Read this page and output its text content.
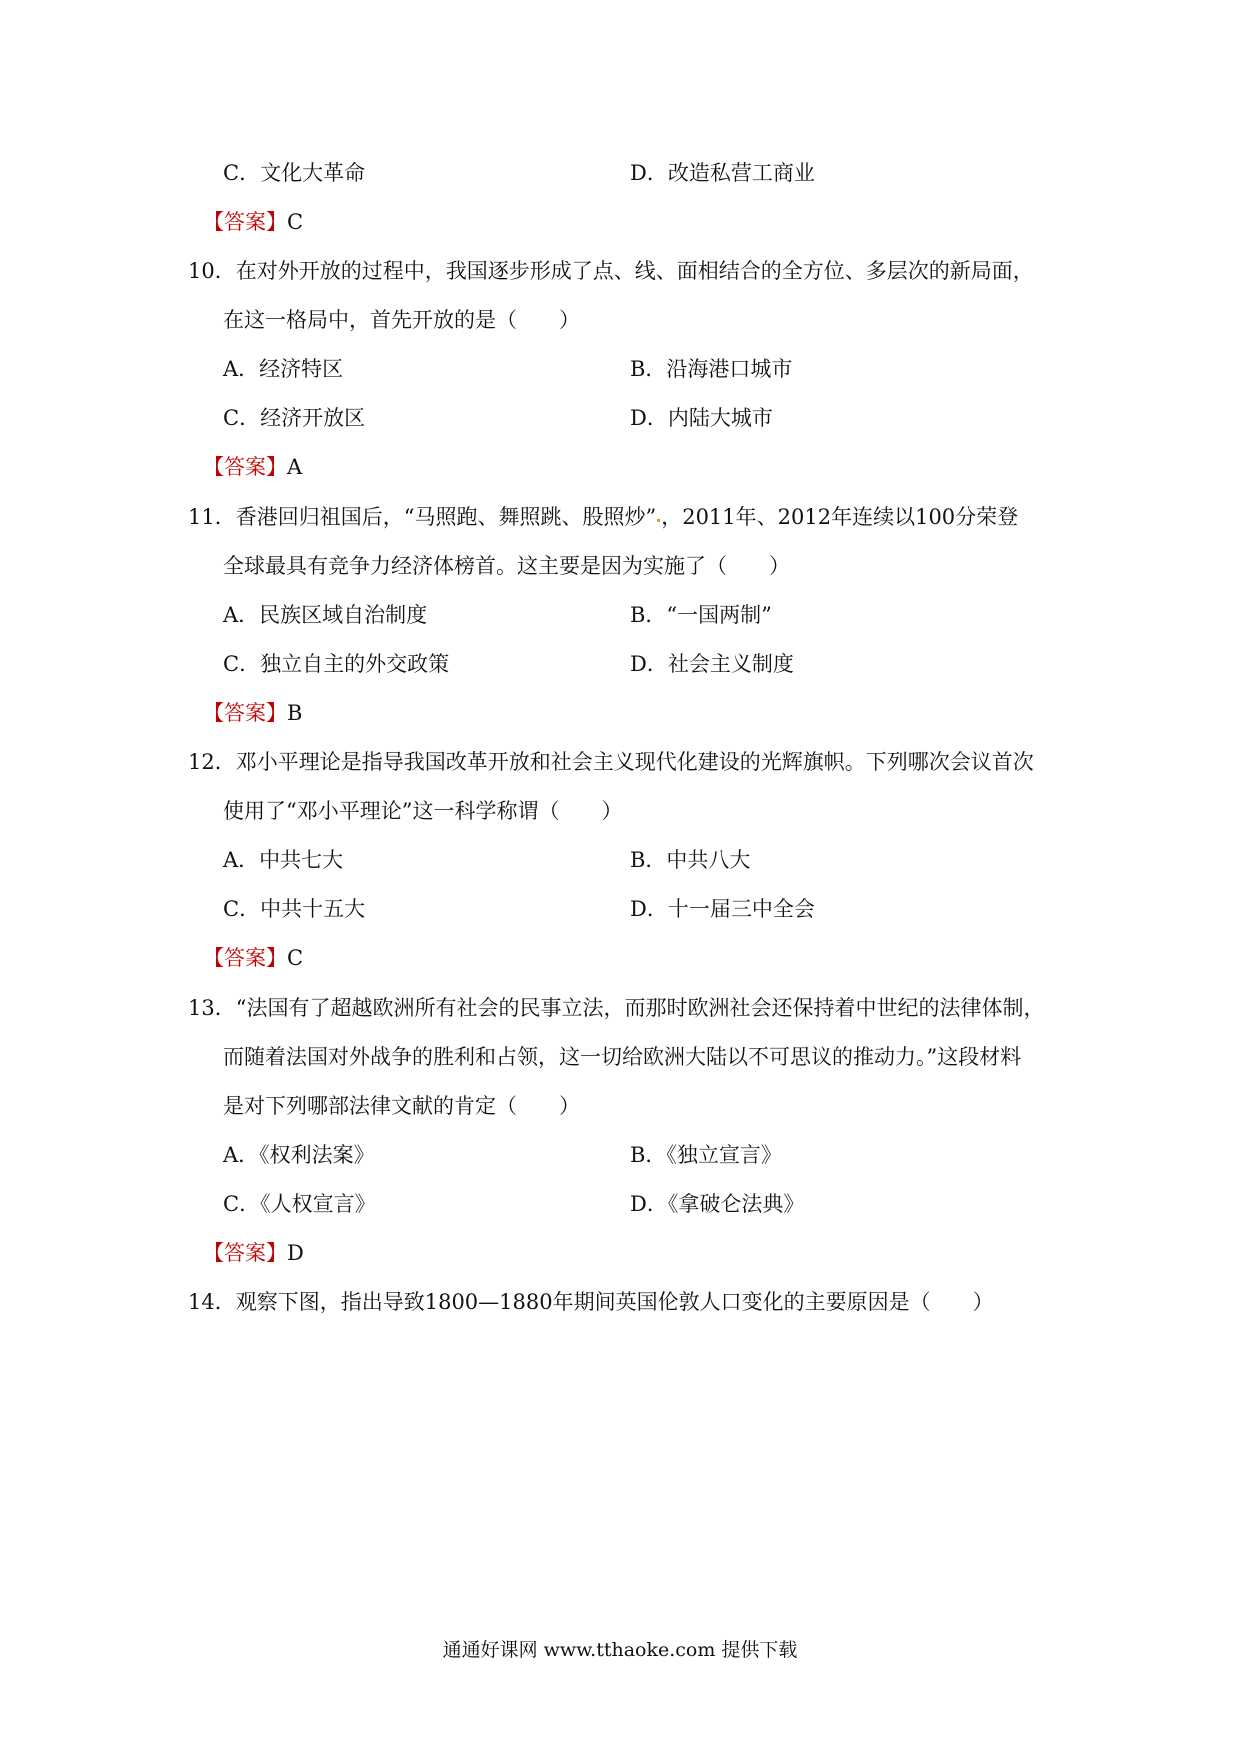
C．文化大革命	D．改造私营工商业
【答案】C
10．在对外开放的过程中，我国逐步形成了点、线、面相结合的全方位、多层次的新局面，
在这一格局中，首先开放的是（　　）
A．经济特区	B．沿海港口城市
C．经济开放区	D．内陆大城市
【答案】A
11．香港回归祖国后，“马照跑、舞照跳、股照炒” ，2011年、2012年连续以100分荣登
全球最具有竞争力经济体榜首。这主要是因为实施了（　　）
A．民族区域自治制度	B．“一国两制”
C．独立自主的外交政策	D．社会主义制度
【答案】B
12．邓小平理论是指导我国改革开放和社会主义现代化建设的光辉旗帜。下列哪次会议首次
使用了“邓小平理论”这一科学称谓（　　）
A．中共七大	B．中共八大
C．中共十五大	D．十一届三中全会
【答案】C
13．“法国有了超越欧洲所有社会的民事立法，而那时欧洲社会还保持着中世纪的法律体制，
而随着法国对外战争的胜利和占领，这一切给欧洲大陆以不可思议的推动力。”这段材料
是对下列哪部法律文献的肯定（　　）
A．《权利法案》	B．《独立宣言》
C．《人权宣言》	D．《拿破仑法典》
【答案】D
14．观察下图，指出导致1800—1880年期间英国伦敦人口变化的主要原因是（　　）
通通好课网 www.tthaoke.com 提供下载
